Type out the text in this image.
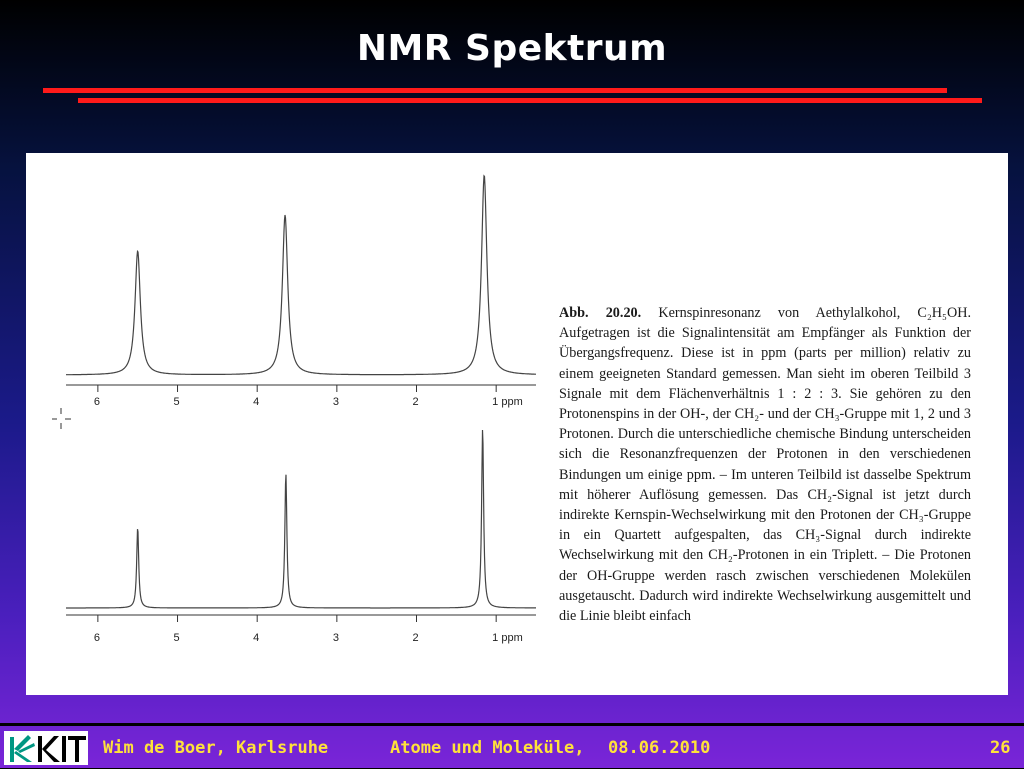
NMR Spektrum
6	5	4	3	2	1 ppm
6	5	4	3	2	1 ppm
Abb. 20.20. Kernspinresonanz von Aethylalkohol, C₂H₅OH. Aufgetragen ist die Signalintensität am Empfänger als Funktion der Übergangsfrequenz. Diese ist in ppm (parts per million) relativ zu einem geeigneten Standard gemessen. Man sieht im oberen Teilbild 3 Signale mit dem Flächenverhältnis 1 : 2 : 3. Sie gehören zu den Protonenspins in der OH-, der CH₂- und der CH₃-Gruppe mit 1, 2 und 3 Protonen. Durch die unterschiedliche chemische Bindung unterscheiden sich die Resonanzfrequenzen der Protonen in den verschiedenen Bindungen um einige ppm. – Im unteren Teilbild ist dasselbe Spektrum mit höherer Auflösung gemessen. Das CH₂-Signal ist jetzt durch indirekte Kernspin-Wechselwirkung mit den Protonen der CH₃-Gruppe in ein Quartett aufgespalten, das CH₃-Signal durch indirekte Wechselwirkung mit den CH₂-Protonen in ein Triplett. – Die Protonen der OH-Gruppe werden rasch zwischen verschiedenen Molekülen ausgetauscht. Dadurch wird indirekte Wechselwirkung ausgemittelt und die Linie bleibt einfach
Wim de Boer, Karlsruhe	Atome und Moleküle, 08.06.2010	26
